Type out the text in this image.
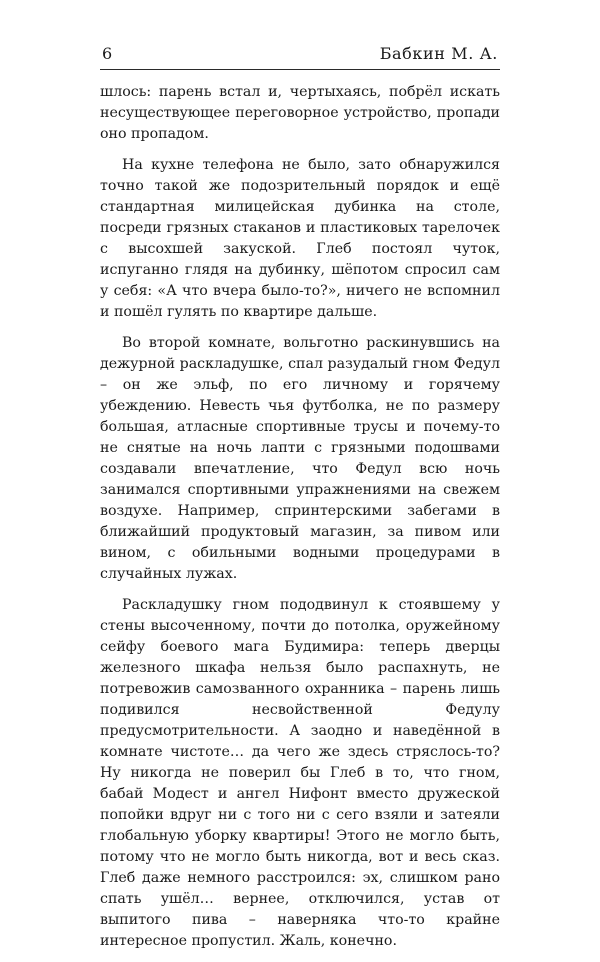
6	Бабкин М. А.

шлось: парень встал и, чертыхаясь, побрёл искать несуществующее переговорное устройство, пропади оно пропадом.

На кухне телефона не было, зато обнаружился точно такой же подозрительный порядок и ещё стандартная милицейская дубинка на столе, посреди грязных стаканов и пластиковых тарелочек с высохшей закуской. Глеб постоял чуток, испуганно глядя на дубинку, шёпотом спросил сам у себя: «А что вчера было-то?», ничего не вспомнил и пошёл гулять по квартире дальше.

Во второй комнате, вольготно раскинувшись на дежурной раскладушке, спал разудалый гном Федул – он же эльф, по его личному и горячему убеждению. Невесть чья футболка, не по размеру большая, атласные спортивные трусы и почему-то не снятые на ночь лапти с грязными подошвами создавали впечатление, что Федул всю ночь занимался спортивными упражнениями на свежем воздухе. Например, спринтерскими забегами в ближайший продуктовый магазин, за пивом или вином, с обильными водными процедурами в случайных лужах.

Раскладушку гном пододвинул к стоявшему у стены высоченному, почти до потолка, оружейному сейфу боевого мага Будимира: теперь дверцы железного шкафа нельзя было распахнуть, не потревожив самозванного охранника – парень лишь подивился несвойственной Федулу предусмотрительности. А заодно и наведённой в комнате чистоте… да чего же здесь стряслось-то? Ну никогда не поверил бы Глеб в то, что гном, бабай Модест и ангел Нифонт вместо дружеской попойки вдруг ни с того ни с сего взяли и затеяли глобальную уборку квартиры! Этого не могло быть, потому что не могло быть никогда, вот и весь сказ. Глеб даже немного расстроился: эх, слишком рано спать ушёл… вернее, отключился, устав от выпитого пива – наверняка что-то крайне интересное пропустил. Жаль, конечно.
